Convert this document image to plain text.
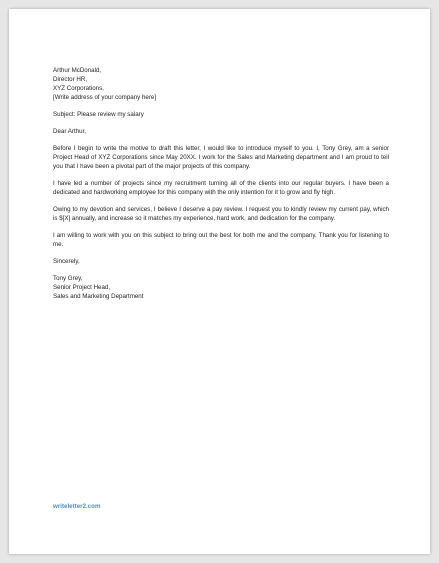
Arthur McDonald,
Director HR,
XYZ Corporations,
[Write address of your company here]
Subject: Please review my salary
Dear Arthur,

Before I begin to write the motive to draft this letter, I would like to introduce myself to you. I, Tony Grey, am a senior Project Head of XYZ Corporations since May 20XX. I work for the Sales and Marketing department and I am proud to tell you that I have been a pivotal part of the major projects of this company.

I have led a number of projects since my recruitment turning all of the clients into our regular buyers. I have been a dedicated and hardworking employee for this company with the only intention for it to grow and fly high.

Owing to my devotion and services, I believe I deserve a pay review. I request you to kindly review my current pay, which is $[X] annually, and increase so it matches my experience, hard work, and dedication for the company.

I am willing to work with you on this subject to bring out the best for both me and the company. Thank you for listening to me.

Sincerely,
Tony Grey,
Senior Project Head,
Sales and Marketing Department
writeletter2.com
